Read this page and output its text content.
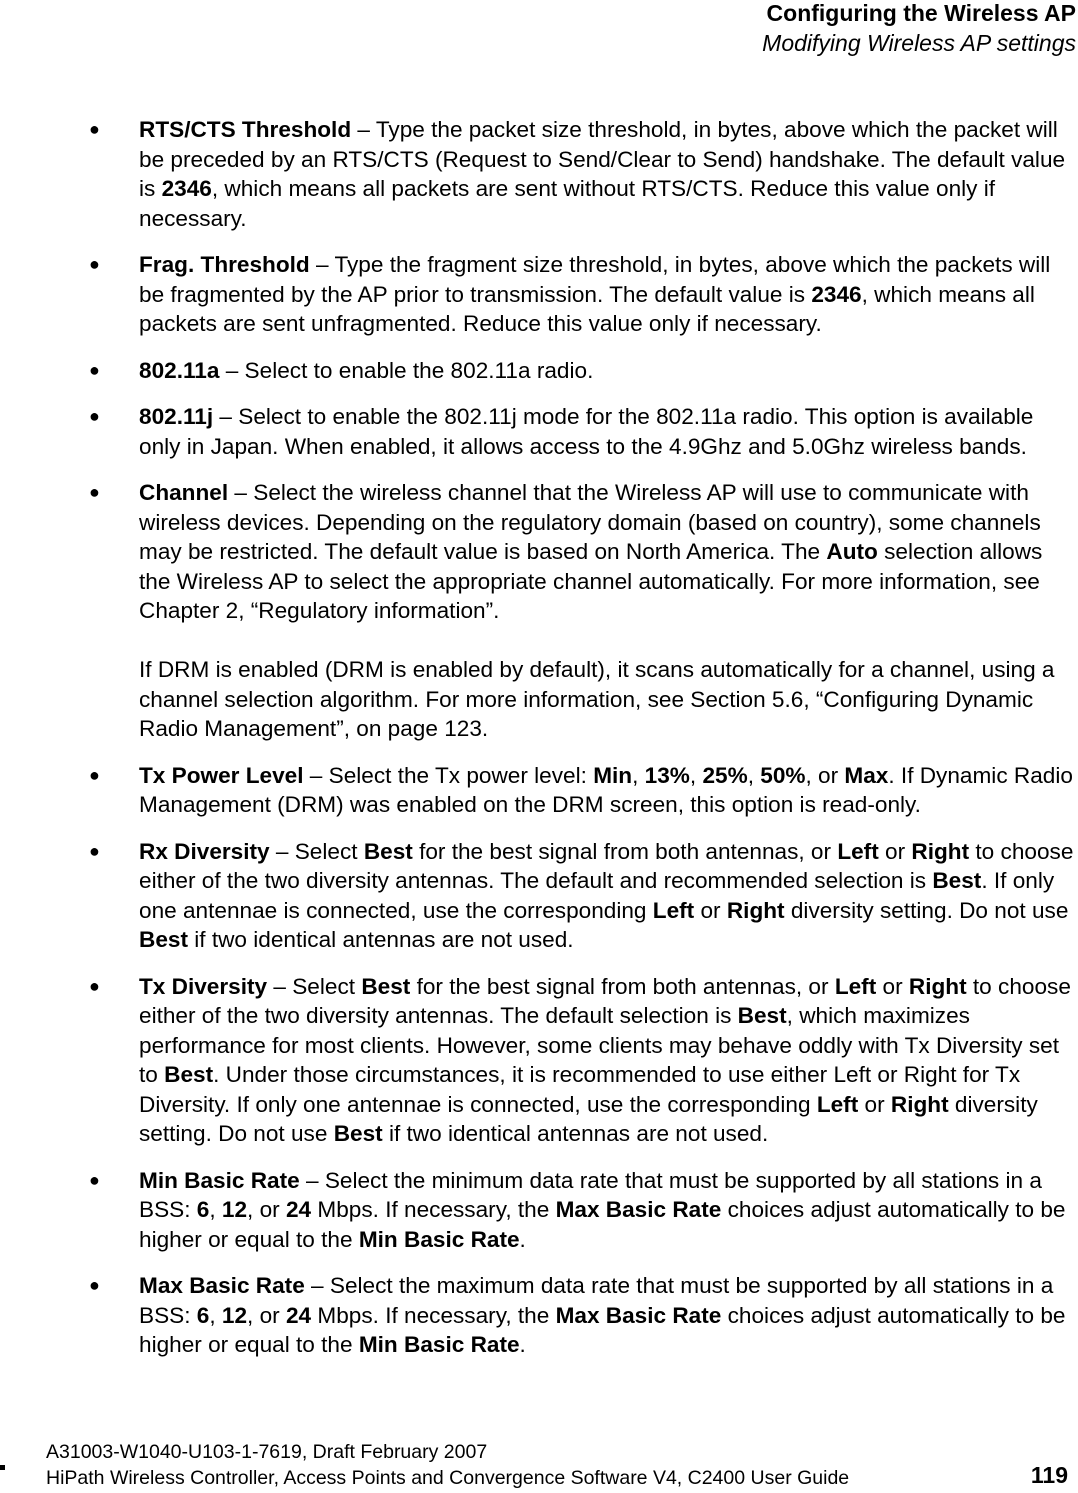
Configuring the Wireless AP
Modifying Wireless AP settings
● RTS/CTS Threshold – Type the packet size threshold, in bytes, above which the packet will be preceded by an RTS/CTS (Request to Send/Clear to Send) handshake. The default value is 2346, which means all packets are sent without RTS/CTS. Reduce this value only if necessary.
● Frag. Threshold – Type the fragment size threshold, in bytes, above which the packets will be fragmented by the AP prior to transmission. The default value is 2346, which means all packets are sent unfragmented. Reduce this value only if necessary.
● 802.11a – Select to enable the 802.11a radio.
● 802.11j – Select to enable the 802.11j mode for the 802.11a radio. This option is available only in Japan. When enabled, it allows access to the 4.9Ghz and 5.0Ghz wireless bands.
● Channel – Select the wireless channel that the Wireless AP will use to communicate with wireless devices. Depending on the regulatory domain (based on country), some channels may be restricted. The default value is based on North America. The Auto selection allows the Wireless AP to select the appropriate channel automatically. For more information, see Chapter 2, “Regulatory information”.
If DRM is enabled (DRM is enabled by default), it scans automatically for a channel, using a channel selection algorithm. For more information, see Section 5.6, “Configuring Dynamic Radio Management”, on page 123.
● Tx Power Level – Select the Tx power level: Min, 13%, 25%, 50%, or Max. If Dynamic Radio Management (DRM) was enabled on the DRM screen, this option is read-only.
● Rx Diversity – Select Best for the best signal from both antennas, or Left or Right to choose either of the two diversity antennas. The default and recommended selection is Best. If only one antennae is connected, use the corresponding Left or Right diversity setting. Do not use Best if two identical antennas are not used.
● Tx Diversity – Select Best for the best signal from both antennas, or Left or Right to choose either of the two diversity antennas. The default selection is Best, which maximizes performance for most clients. However, some clients may behave oddly with Tx Diversity set to Best. Under those circumstances, it is recommended to use either Left or Right for Tx Diversity. If only one antennae is connected, use the corresponding Left or Right diversity setting. Do not use Best if two identical antennas are not used.
● Min Basic Rate – Select the minimum data rate that must be supported by all stations in a BSS: 6, 12, or 24 Mbps. If necessary, the Max Basic Rate choices adjust automatically to be higher or equal to the Min Basic Rate.
● Max Basic Rate – Select the maximum data rate that must be supported by all stations in a BSS: 6, 12, or 24 Mbps. If necessary, the Max Basic Rate choices adjust automatically to be higher or equal to the Min Basic Rate.
A31003-W1040-U103-1-7619, Draft February 2007
HiPath Wireless Controller, Access Points and Convergence Software V4, C2400 User Guide	119
